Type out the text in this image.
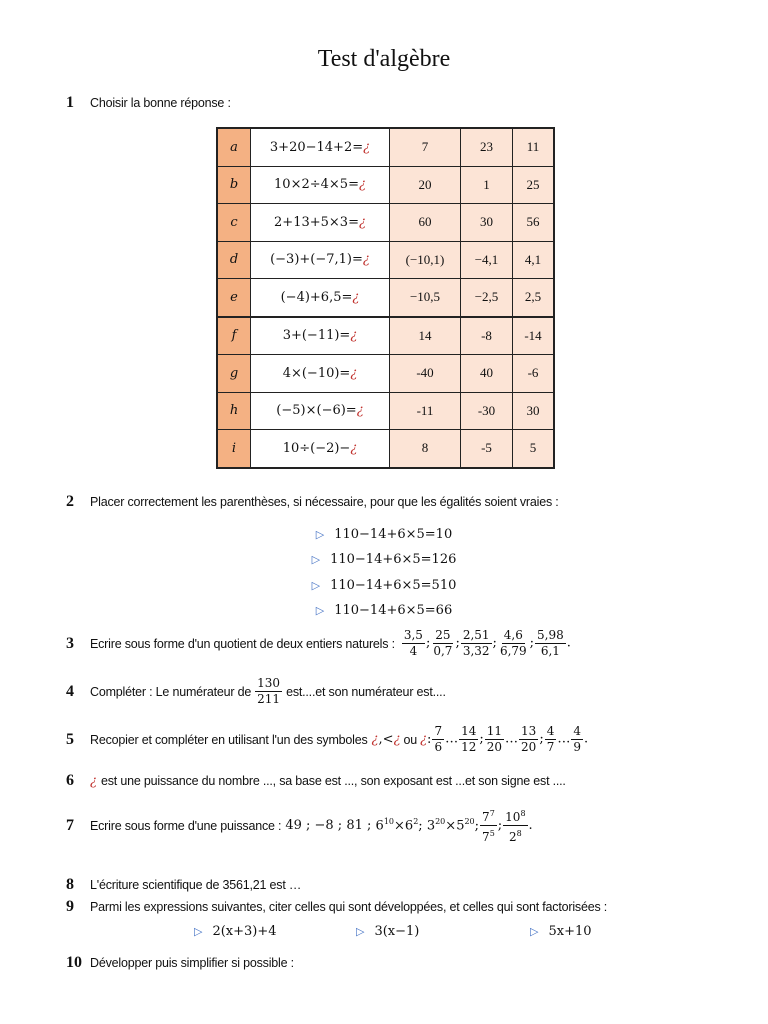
Test d'algèbre
1	Choisir la bonne réponse :
a	3+20−14+2=¿	7	23	11
b	10×2÷4×5=¿	20	1	25
c	2+13+5×3=¿	60	30	56
d	(−3)+(−7,1)=¿	(−10,1)	−4,1	4,1
e	(−4)+6,5=¿	−10,5	−2,5	2,5
f	3+(−11)=¿	14	-8	-14
g	4×(−10)=¿	-40	40	-6
h	(−5)×(−6)=¿	-11	-30	30
i	10÷(−2)−¿	8	-5	5
2	Placer correctement les parenthèses, si nécessaire, pour que les égalités soient vraies :
▷ 110−14+6×5=10
▷ 110−14+6×5=126
▷ 110−14+6×5=510
▷ 110−14+6×5=66
3	Ecrire sous forme d'un quotient de deux entiers naturels : $\frac{3,5}{4}$ ; $\frac{25}{0,7}$ ; $\frac{2,51}{3,32}$ ; $\frac{4,6}{6,79}$ ; $\frac{5,98}{6,1}$ .
4	Compléter : Le numérateur de $\frac{130}{211} est....et$ son numérateur est....
5	Recopier et compléter en utilisant l'un des symboles ¿ ,< ¿ ou ¿ : $\frac{7}{6}$ … $\frac{14}{12}$ ; $\frac{11}{20}$ … $\frac{13}{20}$ ; $\frac{4}{7}$ … $\frac{4}{9}$ .
6	¿ est une puissance du nombre ..., sa base est ..., son exposant est ...et son signe est ....
7	Ecrire sous forme d'une puissance : 49 ; −8 ; 81 ; $6^{10}\times 6^2$; $3^{20}\times 5^{20}$; $\frac{7^7}{7^5}$ ; $\frac{10^8}{2^8}$ .
8	L'écriture scientifique de 3561,21 est …
9	Parmi les expressions suivantes, citer celles qui sont développées, et celles qui sont factorisées :
▷ 2(x+3)+4	▷ 3(x−1)	▷ 5x+10
10 Développer puis simplifier si possible :
